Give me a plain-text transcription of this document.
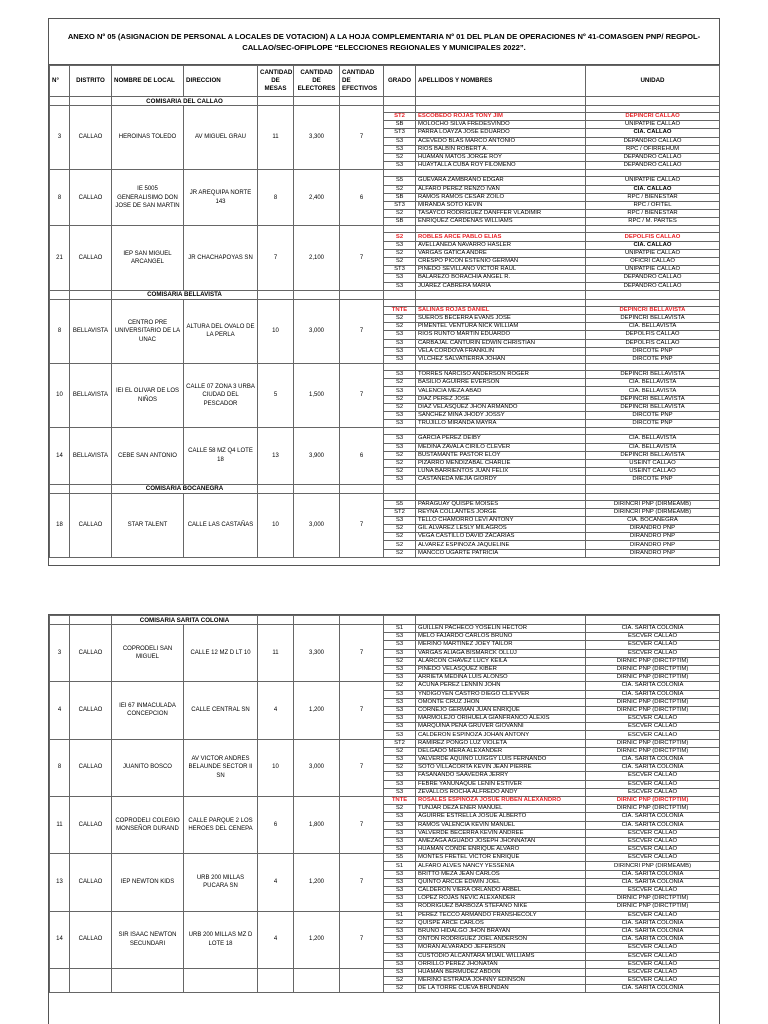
ANEXO Nº 05 (ASIGNACION DE PERSONAL A LOCALES DE VOTACION) A LA HOJA COMPLEMENTARIA Nº 01 DEL PLAN DE OPERACIONES Nº 41-COMASGEN PNP/ REGPOL-CALLAO/SEC-OFIPLOPE “ELECCIONES REGIONALES Y MUNICIPALES 2022”.
N°	DISTRITO	NOMBRE DE LOCAL	DIRECCION	CANTIDAD DE MESAS	CANTIDAD DE ELECTORES	CANTIDAD DE EFECTIVOS	GRADO	APELLIDOS Y NOMBRES	UNIDAD
		COMISARIA DEL CALLAO							
3	CALLAO	HEROINAS TOLEDO	AV MIGUEL GRAU	11	3,300	7			
							ST2	ESCOBEDO ROJAS TONY JIM	DEPINCRI CALLAO
							SB	MOLOCHO SILVA FREDESVINDO	UNIPATPIE CALLAO
							ST3	PARRA LOAYZA JOSE EDUARDO	CIA. CALLAO
							S3	ACEVEDO BLAS MARCO ANTONIO	DEPANDRO CALLAO
							S3	RIOS BALBIN ROBERT A.	RPC / OFIRREHUM
							S2	HUAMAN MATOS JORGE ROY	DEPANDRO CALLAO
							S3	HUAYTALLA CUBA ROY FILOMENO	DEPANDRO CALLAO
8	CALLAO	IE 5005 GENERALISIMO DON JOSE DE SAN MARTIN	JR AREQUIPA NORTE 143	8	2,400	6			
							S5	GUEVARA ZAMBRANO EDGAR	UNIPATPIE CALLAO
							S2	ALFARO PEREZ RENZO IVAN	CIA. CALLAO
							SB	RAMOS RAMOS CESAR ZOILO	RPC / BIENESTAR
							ST3	MIRANDA SOTO KEVIN	RPC / OFITEL
							S2	TASAYCO RODRIGUEZ DANFFER VLADIMIR	RPC / BIENESTAR
							SB	ENRIQUEZ CARDENAS WILLIAMS	RPC / M. PARTES
21	CALLAO	IEP SAN MIGUEL ARCANGEL	JR CHACHAPOYAS SN	7	2,100	7			
							S2	ROBLES ARCE PABLO ELIAS	DEPOLFIS CALLAO
							S3	AVELLANEDA NAVARRO HASLER	CIA. CALLAO
							S2	VARGAS GATICA ANDRE	UNIPATPIE CALLAO
							S2	CRESPO PICON ESTENIO GERMAN	OFICRI CALLAO
							ST3	PINEDO SEVILLANO VICTOR RAUL	UNIPATPIE CALLAO
							S3	BALAREZO BORACHIA ANGEL R.	DEPANDRO CALLAO
							S3	JUAREZ CABRERA MARIA	DEPANDRO CALLAO
		COMISARIA BELLAVISTA							
8	BELLAVISTA	CENTRO PRE UNIVERSITARIO DE LA UNAC	ALTURA DEL OVALO DE LA PERLA	10	3,000	7			
							TNTE	SALINAS ROJAS DANIEL	DEPINCRI BELLAVISTA
							S2	SUEROS BECERRA EVANS JOSE	DEPINCRI BELLAVISTA
							S2	PIMENTEL VENTURA NICK WILLIAM	CIA. BELLAVISTA
							S3	RIOS RUNTO MARTIN EDUARDO	DEPOLFIS CALLAO
							S3	CARBAJAL CANTURIN EDWIN CHRISTIAN	DEPOLFIS CALLAO
							S3	VELA CORDOVA FRANKLIN	DIRCOTE PNP
							S3	VILCHEZ SALVATIERRA JOHAN	DIRCOTE PNP
10	BELLAVISTA	IEI EL OLIVAR DE LOS NIÑOS	CALLE 07 ZONA 3 URBA CIUDAD DEL PESCADOR	5	1,500	7			
							S3	TORRES NARCISO ANDERSON ROGER	DEPINCRI BELLAVISTA
							S2	BASILIO AGUIRRE EVERSON	CIA. BELLAVISTA
							S3	VALENCIA MEZA ABAD	CIA. BELLAVISTA
							S2	DIAZ PEREZ JOSE	DEPINCRI BELLAVISTA
							S2	DIAZ VELASQUEZ JHON ARMANDO	DEPINCRI BELLAVISTA
							S3	SANCHEZ MINA JHODY JOSSY	DIRCOTE PNP
							S3	TRUJILLO MIRANDA MAYRA	DIRCOTE PNP
14	BELLAVISTA	CEBE SAN ANTONIO	CALLE 58 MZ Q4 LOTE 18	13	3,900	6			
							S3	GARCIA PEREZ DEIBY	CIA. BELLAVISTA
							S3	MEDINA ZAVALA CIRILO CLEVER	CIA. BELLAVISTA
							S2	BUSTAMANTE PASTOR ELOY	DEPINCRI BELLAVISTA
							S2	PIZARRO MENDIZABAL CHARLIE	USEINT CALLAO
							S2	LUNA BARRIENTOS JUAN FELIX	USEINT CALLAO
							S3	CASTAÑEDA MEJIA GIORDY	DIRCOTE PNP
		COMISARIA BOCANEGRA							
18	CALLAO	STAR TALENT	CALLE LAS CASTAÑAS	10	3,000	7			
							S5	PARAGUAY QUISPE MOISES	DIRINCRI PNP (DIRMEAMB)
							ST2	REYNA COLLANTES JORGE	DIRINCRI PNP (DIRMEAMB)
							S3	TELLO CHAMORRO LEVI ANTONY	CIA. BOCANEGRA
							S2	GIL ALVAREZ LESLY MILAGROS	DIRANDRO PNP
							S2	VEGA CASTILLO DAVID ZACARIAS	DIRANDRO PNP
							S2	ALVAREZ ESPINOZA JAQUELINE	DIRANDRO PNP
							S2	MANCCO UGARTE PATRICIA	DIRANDRO PNP
		COMISARIA SARITA COLONIA							
3	CALLAO	COPRODELI SAN MIGUEL	CALLE 12 MZ D LT 10	11	3,300	7	S1	GUILLEN PACHECO YOSELIN HECTOR	CIA. SARITA COLONIA
							S3	MELO FAJARDO CARLOS BRUNO	ESCVER CALLAO
							S3	MERINO MARTINEZ JOEY TAILOR	ESCVER CALLAO
							S3	VARGAS ALIAGA BISMARCK OLLUJ	ESCVER CALLAO
							S2	ALARCON CHAVEZ LUCY KEILA	DIRNIC PNP (DIRCTPTIM)
							S3	PINEDO VELASQUEZ KIBER	DIRNIC PNP (DIRCTPTIM)
							S3	ARRIETA MEDINA LUIS ALONSO	DIRNIC PNP (DIRCTPTIM)
4	CALLAO	IEI 67 INMACULADA CONCEPCION	CALLE CENTRAL SN	4	1,200	7	S2	ACUÑA PEREZ LENNIN JOHN	CIA. SARITA COLONIA
							S3	YNDIGOYEN CASTRO DIEGO CLEYVER	CIA. SARITA COLONIA
							S3	OMONTE CRUZ JHON	DIRNIC PNP (DIRCTPTIM)
							S3	CORNEJO GERMAN JUAN ENRIQUE	DIRNIC PNP (DIRCTPTIM)
							S3	MARMOLEJO ORIHUELA GIANFRANCO ALEXIS	ESCVER CALLAO
							S3	MARQUINA PEÑA GRUVER GIOVANNI	ESCVER CALLAO
							S3	CALDERON ESPINOZA JOHAN ANTONY	ESCVER CALLAO
8	CALLAO	JUANITO BOSCO	AV VICTOR ANDRES BELAUNDE SECTOR II SN	10	3,000	7	ST2	RAMIREZ PONGO LUZ VIOLETA	DIRNIC PNP (DIRCTPTIM)
							S2	DELGADO MERA ALEXANDER	DIRNIC PNP (DIRCTPTIM)
							S3	VALVERDE AQUINO LUIGGY LUIS FERNANDO	CIA. SARITA COLONIA
							S2	SOTO VILLACORTA KEVIN JEAN PIERRE	CIA. SARITA COLONIA
							S3	FASANANDO SAAVEDRA JERRY	ESCVER CALLAO
							S3	FEBRE YANUNAQUE LENIN ESTIVER	ESCVER CALLAO
							S3	ZEVALLOS ROCHA ALFREDO ANDY	ESCVER CALLAO
11	CALLAO	COPRODELI COLEGIO MONSEÑOR DURAND	CALLE PARQUE 2 LOS HEROES DEL CENEPA	6	1,800	7	TNTE	ROSALES ESPINOZA JOSUE RUBEN ALEXANDRO	DIRNIC PNP (DIRCTPTIM)
							S2	TUNJAR DEZA ENER MANUEL	DIRNIC PNP (DIRCTPTIM)
							S3	AGUIRRE ESTRELLA JOSUE ALBERTO	CIA. SARITA COLONIA
							S3	RAMOS VALENCIA KEVIN MANUEL	CIA. SARITA COLONIA
							S3	VALVERDE BECERRA KEVIN ANDREE	ESCVER CALLAO
							S3	AMEZAGA AGUADO JOSEPH JHONNATAN	ESCVER CALLAO
							S3	HUAMAN CONDE ENRIQUE ALVARO	ESCVER CALLAO
13	CALLAO	IEP NEWTON KIDS	URB 200 MILLAS PUCARA SN	4	1,200	7	S5	MONTES FRETEL VICTOR ENRIQUE	ESCVER CALLAO
							S1	ALFARO ALVES NANCY YESSENIA	DIRINCRI PNP (DIRMEAMB)
							S3	BRITTO MEZA JEAN CARLOS	CIA. SARITA COLONIA
							S3	QUINTO ARCCE EDWIN JOEL	CIA. SARITA COLONIA
							S3	CALDERON VIERA ORLANDO ARBEL	ESCVER CALLAO
							S3	LOPEZ ROJAS NEVIC ALEXANDER	DIRNIC PNP (DIRCTPTIM)
							S3	RODRIGUEZ BARBOZA STEFANO NIKE	DIRNIC PNP (DIRCTPTIM)
14	CALLAO	SIR ISAAC NEWTON SECUNDARI	URB 200 MILLAS MZ D LOTE 18	4	1,200	7	S1	PEREZ TECCO ARMANDO FRANSHECOLY	ESCVER CALLAO
							S2	QUISPE ARCE CARLOS	CIA. SARITA COLONIA
							S3	BRUNO HIDALGO JHON BRAYAN	CIA. SARITA COLONIA
							S3	ONTON RODRIGUEZ JOEL ANDERSON	CIA. SARITA COLONIA
							S3	MORAN ALVARADO JEFERSON	ESCVER CALLAO
							S3	CUSTODIO ALCANTARA MIJAIL WILLIAMS	ESCVER CALLAO
							S3	ORRILLO PÉREZ JHONATAN	ESCVER CALLAO
							S3	HUAMAN BERMUDEZ ABDON	ESCVER CALLAO
							S2	MERINO ESTRADA JOHNNY EDINSON	ESCVER CALLAO
							S2	DE LA TORRE CUEVA BRUNDAN	CIA. SARITA COLONIA
